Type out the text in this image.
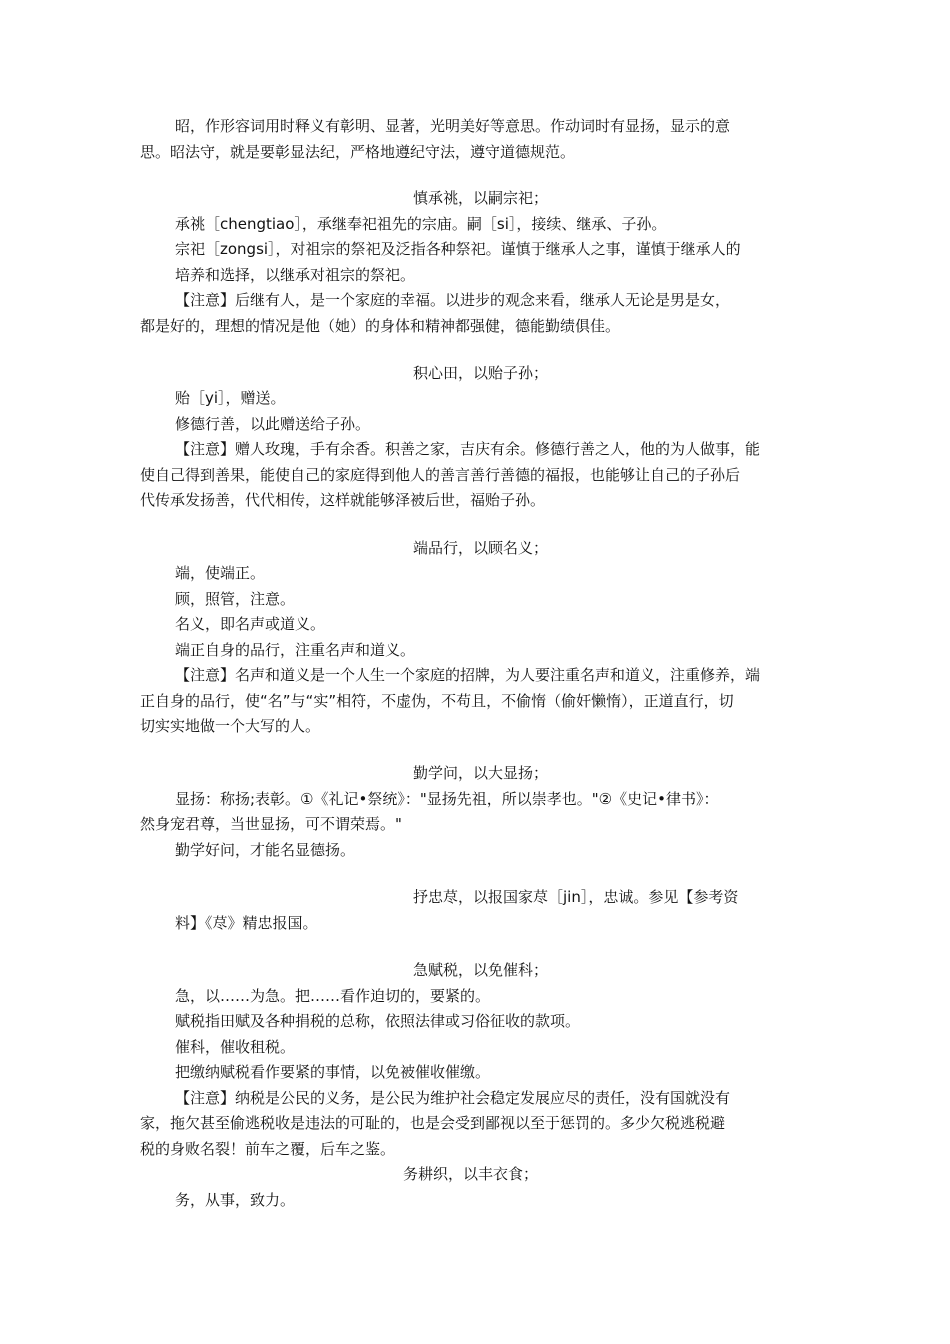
昭，作形容词用时释义有彰明、显著，光明美好等意思。作动词时有显扬，显示的意
思。昭法守，就是要彰显法纪，严格地遵纪守法，遵守道德规范。
慎承祧，以嗣宗祀；
承祧［chengtiao］，承继奉祀祖先的宗庙。嗣［si］，接续、继承、子孙。
宗祀［zongsi］，对祖宗的祭祀及泛指各种祭祀。谨慎于继承人之事，谨慎于继承人的
培养和选择，以继承对祖宗的祭祀。
【注意】后继有人，是一个家庭的幸福。以进步的观念来看，继承人无论是男是女，
都是好的，理想的情况是他（她）的身体和精神都强健，德能勤绩俱佳。
积心田，以贻子孙；
贻［yi］，赠送。
修德行善，以此赠送给子孙。
【注意】赠人玫瑰，手有余香。积善之家，吉庆有余。修德行善之人，他的为人做事，能
使自己得到善果，能使自己的家庭得到他人的善言善行善德的福报，也能够让自己的子孙后
代传承发扬善，代代相传，这样就能够泽被后世，福贻子孙。
端品行，以顾名义；
端，使端正。
顾，照管，注意。
名义，即名声或道义。
端正自身的品行，注重名声和道义。
【注意】名声和道义是一个人生一个家庭的招牌，为人要注重名声和道义，注重修养，端
正自身的品行，使“名”与“实”相符，不虚伪，不苟且，不偷惰（偷奸懒惰），正道直行，切
切实实地做一个大写的人。
勤学问，以大显扬；
显扬：称扬;表彰。①《礼记•祭统》："显扬先祖，所以崇孝也。"②《史记•律书》：
然身宠君尊，当世显扬，可不谓荣焉。"
勤学好问，才能名显德扬。
抒忠荩，以报国家荩［jin］，忠诚。参见【参考资
料】《荩》精忠报国。
急赋税，以免催科；
急，以……为急。把……看作迫切的，要紧的。
赋税指田赋及各种捐税的总称，依照法律或习俗征收的款项。
催科，催收租税。
把缴纳赋税看作要紧的事情，以免被催收催缴。
【注意】纳税是公民的义务，是公民为维护社会稳定发展应尽的责任，没有国就没有
家，拖欠甚至偷逃税收是违法的可耻的，也是会受到鄙视以至于惩罚的。多少欠税逃税避
税的身败名裂！前车之覆，后车之鉴。
务耕织，以丰衣食；
务，从事，致力。
